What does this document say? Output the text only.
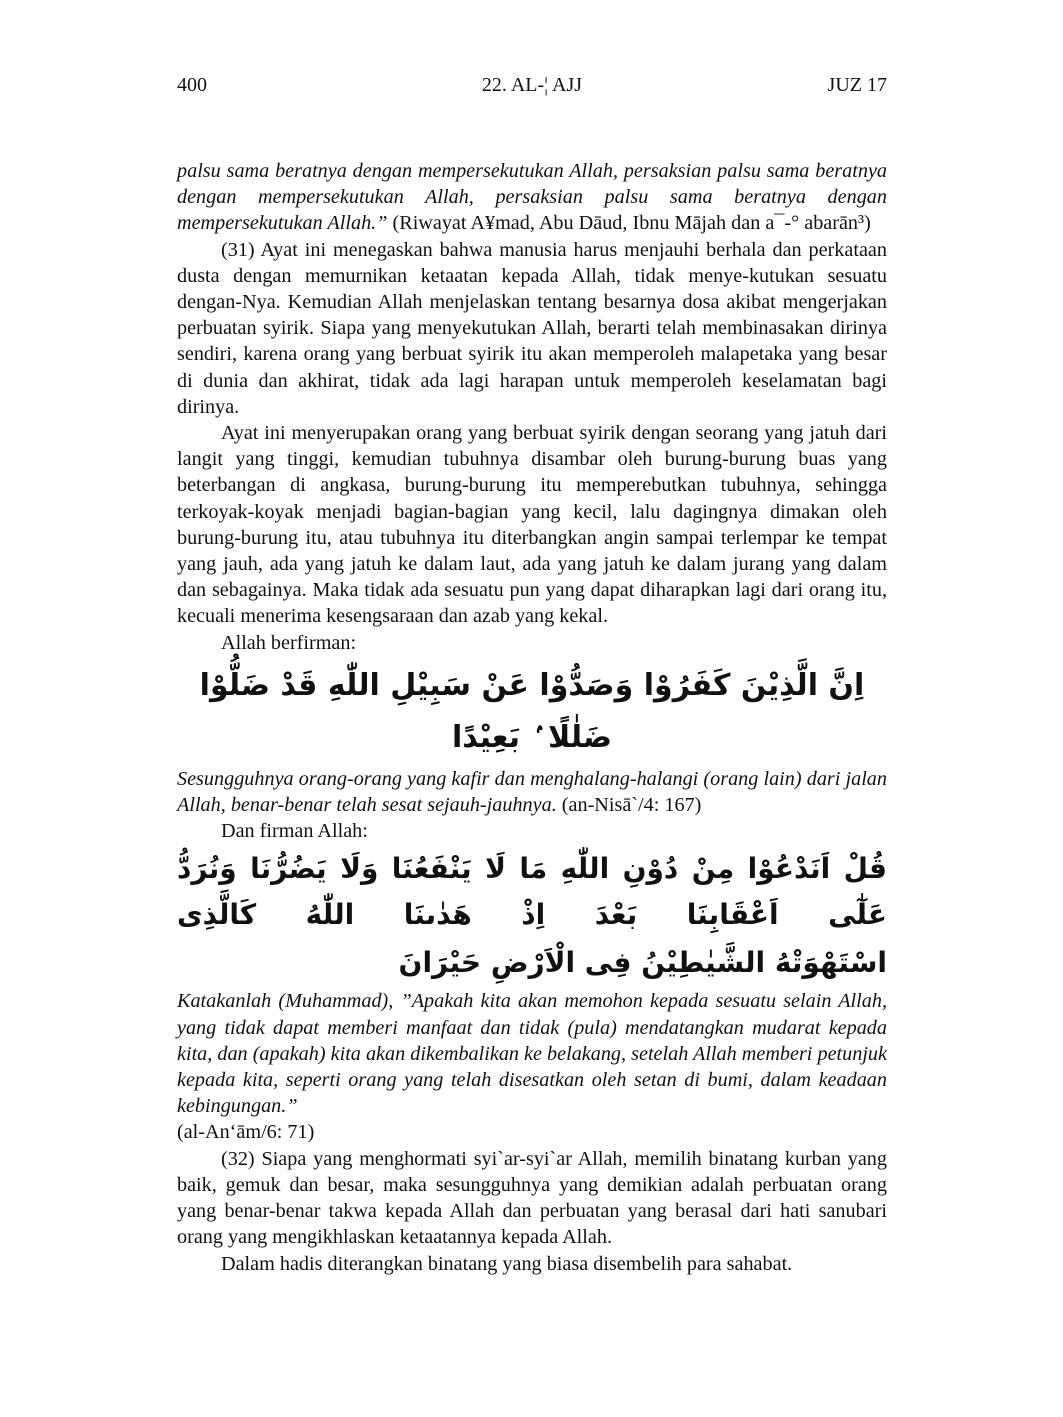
400	22. AL-¦ AJJ	JUZ 17

palsu sama beratnya dengan mempersekutukan Allah, persaksian palsu sama beratnya dengan mempersekutukan Allah, persaksian palsu sama beratnya dengan mempersekutukan Allah.” (Riwayat A¥mad, Abu Dāud, Ibnu Mājah dan a¯-° abarān³)

(31) Ayat ini menegaskan bahwa manusia harus menjauhi berhala dan perkataan dusta dengan memurnikan ketaatan kepada Allah, tidak menye-kutukan sesuatu dengan-Nya. Kemudian Allah menjelaskan tentang besarnya dosa akibat mengerjakan perbuatan syirik. Siapa yang menyekutukan Allah, berarti telah membinasakan dirinya sendiri, karena orang yang berbuat syirik itu akan memperoleh malapetaka yang besar di dunia dan akhirat, tidak ada lagi harapan untuk memperoleh keselamatan bagi dirinya.

Ayat ini menyerupakan orang yang berbuat syirik dengan seorang yang jatuh dari langit yang tinggi, kemudian tubuhnya disambar oleh burung-burung buas yang beterbangan di angkasa, burung-burung itu memperebutkan tubuhnya, sehingga terkoyak-koyak menjadi bagian-bagian yang kecil, lalu dagingnya dimakan oleh burung-burung itu, atau tubuhnya itu diterbangkan angin sampai terlempar ke tempat yang jauh, ada yang jatuh ke dalam laut, ada yang jatuh ke dalam jurang yang dalam dan sebagainya. Maka tidak ada sesuatu pun yang dapat diharapkan lagi dari orang itu, kecuali menerima kesengsaraan dan azab yang kekal.

Allah berfirman:

اِنَّ الَّذِيْنَ كَفَرُوْا وَصَدُّوْا عَنْ سَبِيْلِ اللّٰهِ قَدْ ضَلُّوْا ضَلٰلًا ۢ بَعِيْدًا

Sesungguhnya orang-orang yang kafir dan menghalang-halangi (orang lain) dari jalan Allah, benar-benar telah sesat sejauh-jauhnya. (an-Nisā`/4: 167)

Dan firman Allah:

قُلْ اَنَدْعُوْا مِنْ دُوْنِ اللّٰهِ مَا لَا يَنْفَعُنَا وَلَا يَضُرُّنَا وَنُرَدُّ عَلٰٓى اَعْقَابِنَا بَعْدَ اِذْ هَدٰىنَا اللّٰهُ كَالَّذِى
اسْتَهْوَتْهُ الشَّيٰطِيْنُ فِى الْاَرْضِ حَيْرَانَ

Katakanlah (Muhammad), ”Apakah kita akan memohon kepada sesuatu selain Allah, yang tidak dapat memberi manfaat dan tidak (pula) mendatangkan mudarat kepada kita, dan (apakah) kita akan dikembalikan ke belakang, setelah Allah memberi petunjuk kepada kita, seperti orang yang telah disesatkan oleh setan di bumi, dalam keadaan kebingungan.”

(al-An‘ām/6: 71)

(32) Siapa yang menghormati syi`ar-syi`ar Allah, memilih binatang kurban yang baik, gemuk dan besar, maka sesungguhnya yang demikian adalah perbuatan orang yang benar-benar takwa kepada Allah dan perbuatan yang berasal dari hati sanubari orang yang mengikhlaskan ketaatannya kepada Allah.

Dalam hadis diterangkan binatang yang biasa disembelih para sahabat.
